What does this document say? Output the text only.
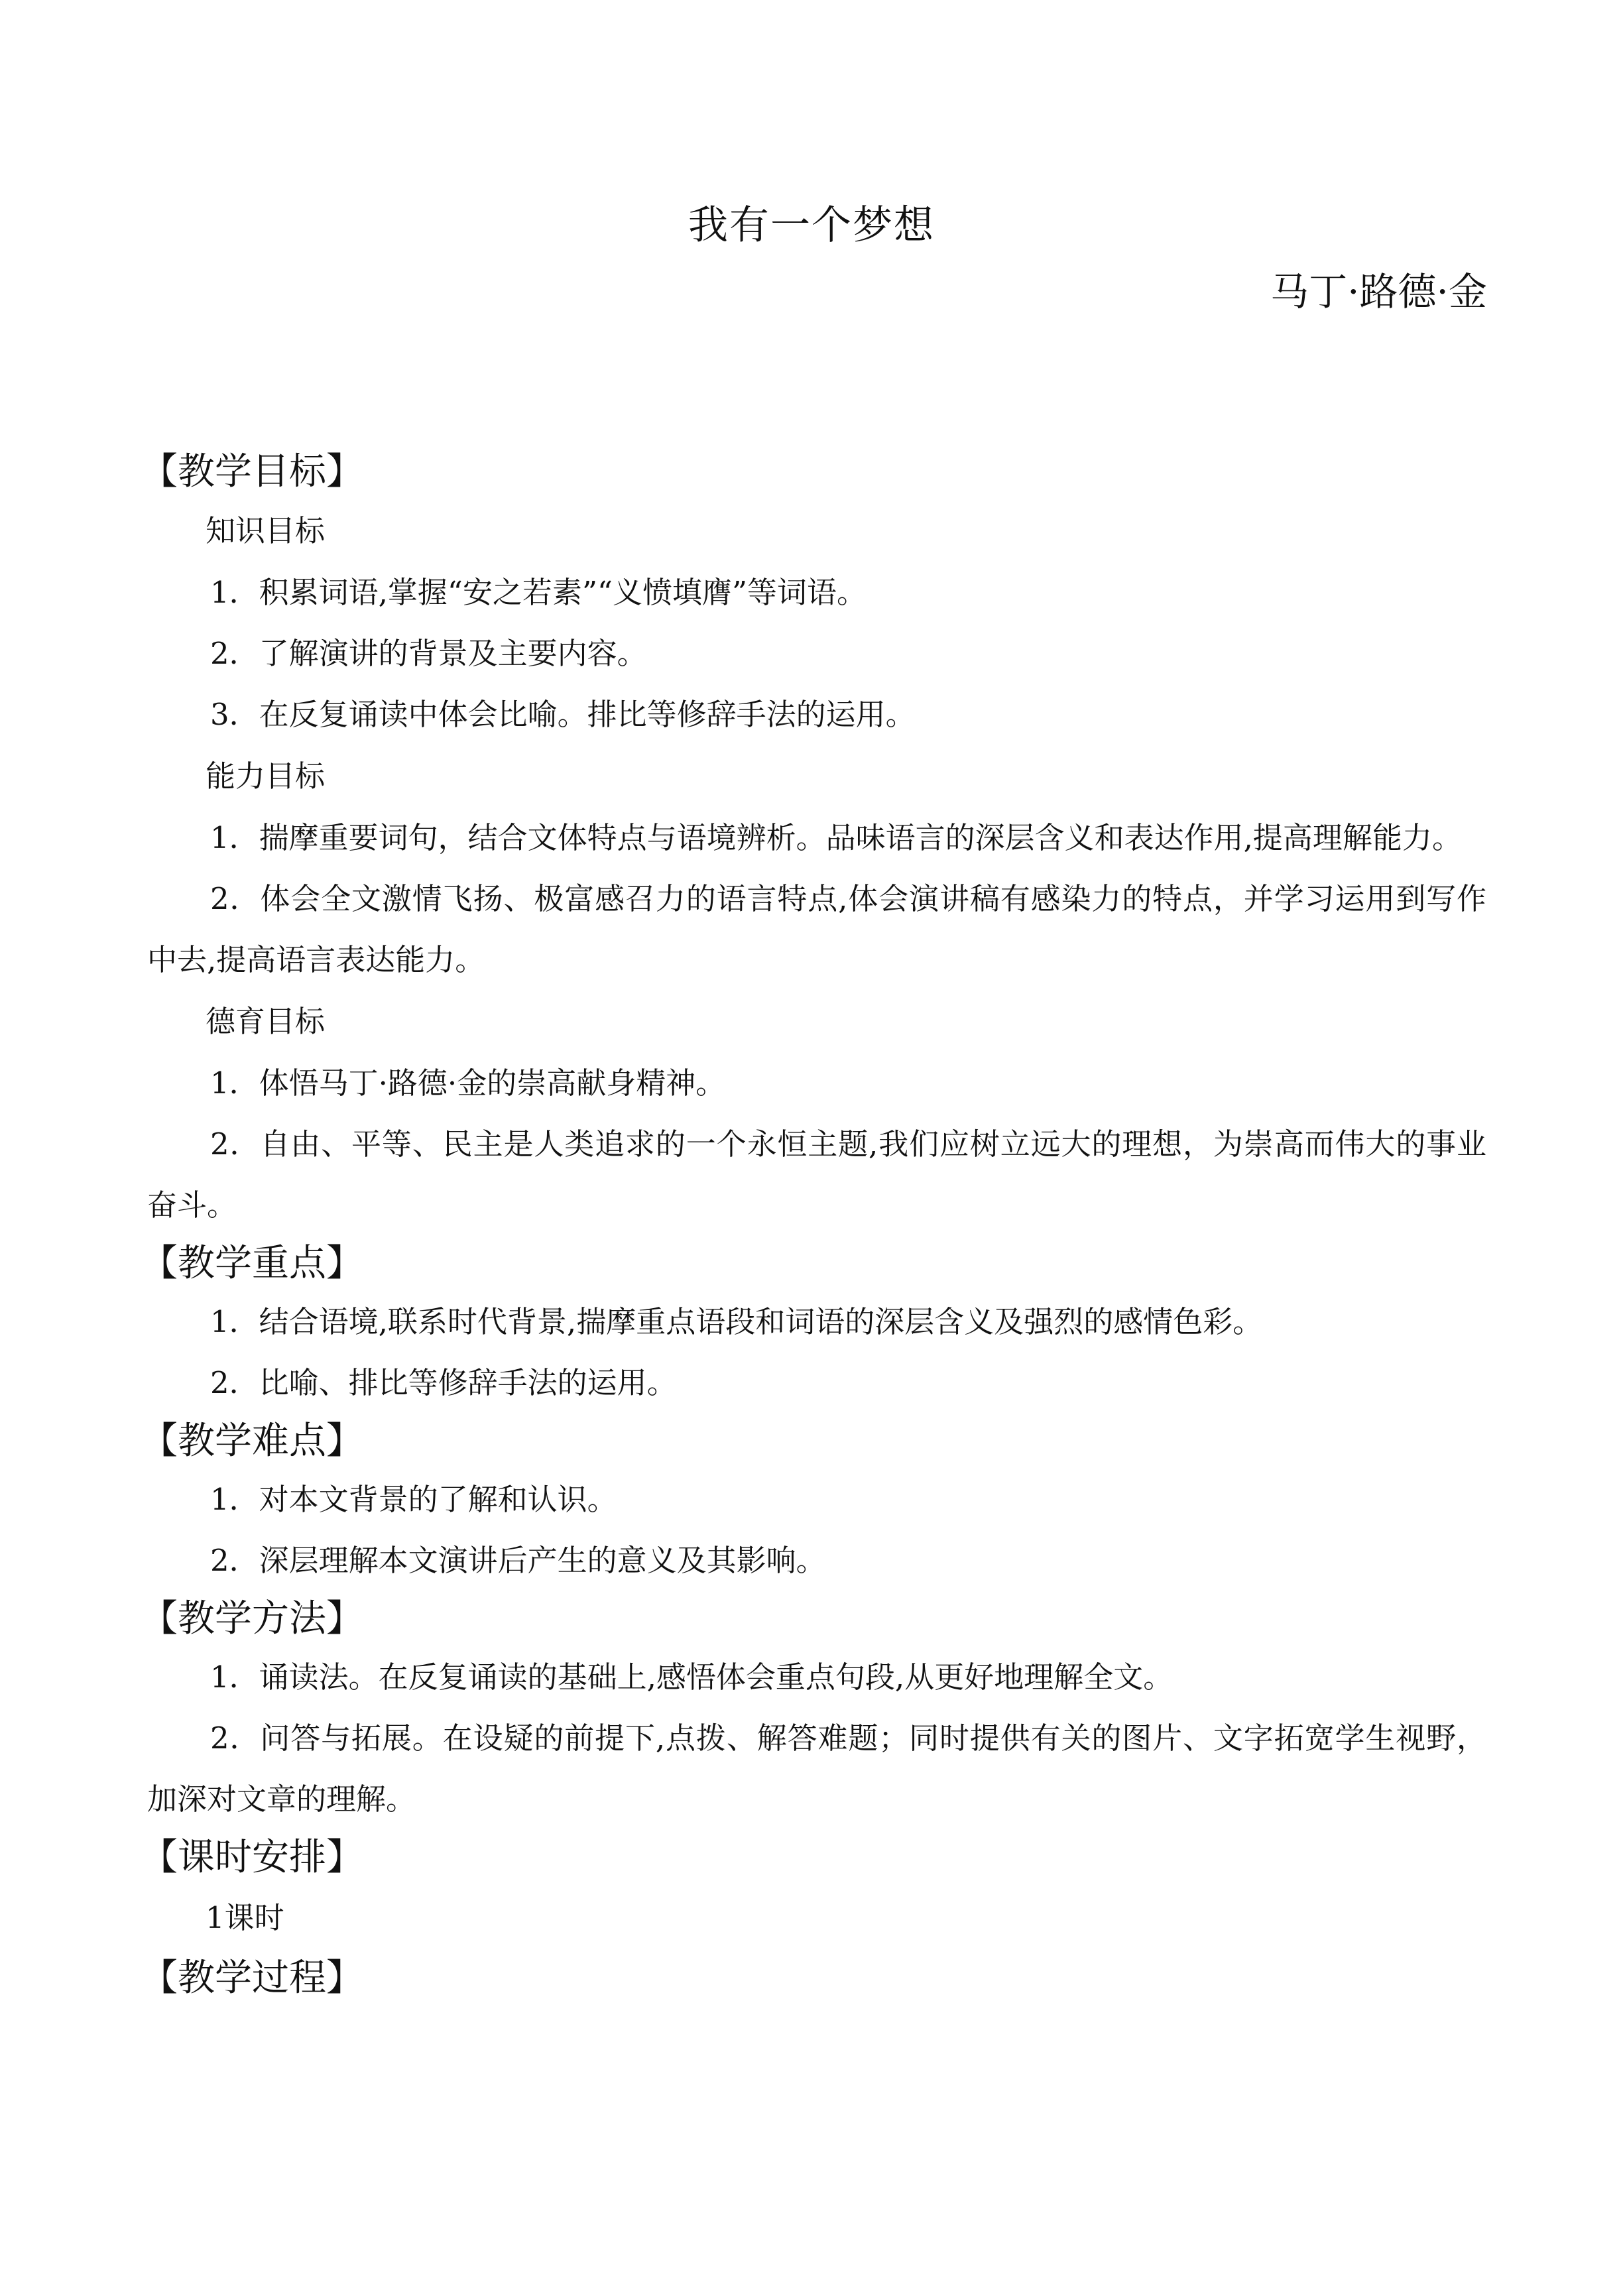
我有一个梦想
马丁·路德·金
【教学目标】
知识目标
1．积累词语,掌握“安之若素”“义愤填膺”等词语。
2．了解演讲的背景及主要内容。
3．在反复诵读中体会比喻。排比等修辞手法的运用。
能力目标
1．揣摩重要词句，结合文体特点与语境辨析。品味语言的深层含义和表达作用,提高理解能力。
2．体会全文激情飞扬、极富感召力的语言特点,体会演讲稿有感染力的特点，并学习运用到写作中去,提高语言表达能力。
德育目标
1．体悟马丁·路德·金的崇高献身精神。
2．自由、平等、民主是人类追求的一个永恒主题,我们应树立远大的理想，为崇高而伟大的事业奋斗。
【教学重点】
1．结合语境,联系时代背景,揣摩重点语段和词语的深层含义及强烈的感情色彩。
2．比喻、排比等修辞手法的运用。
【教学难点】
1．对本文背景的了解和认识。
2．深层理解本文演讲后产生的意义及其影响。
【教学方法】
1．诵读法。在反复诵读的基础上,感悟体会重点句段,从更好地理解全文。
2．问答与拓展。在设疑的前提下,点拨、解答难题；同时提供有关的图片、文字拓宽学生视野，加深对文章的理解。
【课时安排】
1课时
【教学过程】
